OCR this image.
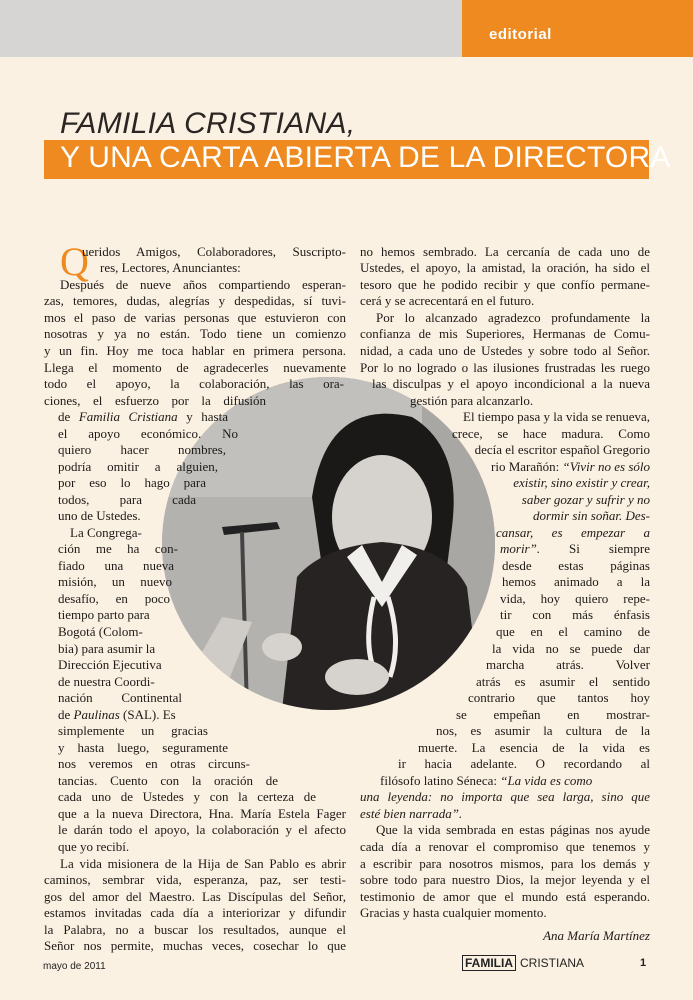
editorial
FAMILIA CRISTIANA,
Y UNA CARTA ABIERTA DE LA DIRECTORA
Q
ueridos Amigos, Colaboradores, Suscripto-
res, Lectores, Anunciantes:
Después de nueve años compartiendo esperan-
zas, temores, dudas, alegrías y despedidas, sí tuvi-
mos el paso de varias personas que estuvieron con
nosotras y ya no están. Todo tiene un comienzo
y un fin. Hoy me toca hablar en primera persona.
Llega el momento de agradecerles nuevamente
todo el apoyo, la colaboración, las ora-
ciones, el esfuerzo por la difusión
de Familia Cristiana y hasta
el apoyo económico. No
quiero hacer nombres,
podría omitir a alguien,
por eso lo hago para
todos, para cada
uno de Ustedes.
La Congrega-
ción me ha con-
fiado una nueva
misión, un nuevo
desafío, en poco
tiempo parto para
Bogotá (Colom-
bia) para asumir la
Dirección Ejecutiva
de nuestra Coordi-
nación Continental
de Paulinas (SAL). Es
simplemente un gracias
y hasta luego, seguramente
nos veremos en otras circuns-
tancias. Cuento con la oración de
cada uno de Ustedes y con la certeza de
que a la nueva Directora, Hna. María Estela Fager
le darán todo el apoyo, la colaboración y el afecto
que yo recibí.
La vida misionera de la Hija de San Pablo es abrir
caminos, sembrar vida, esperanza, paz, ser testi-
gos del amor del Maestro. Las Discípulas del Señor,
estamos invitadas cada día a interiorizar y difundir
la Palabra, no a buscar los resultados, aunque el
Señor nos permite, muchas veces, cosechar lo que
no hemos sembrado. La cercanía de cada uno de
Ustedes, el apoyo, la amistad, la oración, ha sido el
tesoro que he podido recibir y que confío permane-
cerá y se acrecentará en el futuro.
Por lo alcanzado agradezco profundamente la
confianza de mis Superiores, Hermanas de Comu-
nidad, a cada uno de Ustedes y sobre todo al Señor.
Por lo no logrado o las ilusiones frustradas les ruego
las disculpas y el apoyo incondicional a la nueva
gestión para alcanzarlo.
El tiempo pasa y la vida se renueva,
crece, se hace madura. Como
decía el escritor español Gregorio
rio Marañón: “Vivir no es sólo
existir, sino existir y crear,
saber gozar y sufrir y no
dormir sin soñar. Des-
cansar, es empezar a
morir”. Si siempre
desde estas páginas
hemos animado a la
vida, hoy quiero repe-
tir con más énfasis
que en el camino de
la vida no se puede dar
marcha atrás. Volver
atrás es asumir el sentido
contrario que tantos hoy
se empeñan en mostrar-
nos, es asumir la cultura de la
muerte. La esencia de la vida es
ir hacia adelante. O recordando al
filósofo latino Séneca: “La vida es como
una leyenda: no importa que sea larga, sino que
esté bien narrada”.
Que la vida sembrada en estas páginas nos ayude
cada día a renovar el compromiso que tenemos y
a escribir para nosotros mismos, para los demás y
sobre todo para nuestro Dios, la mejor leyenda y el
testimonio de amor que el mundo está esperando.
Gracias y hasta cualquier momento.
Ana María Martínez
mayo de 2011	FAMILIA CRISTIANA	1
